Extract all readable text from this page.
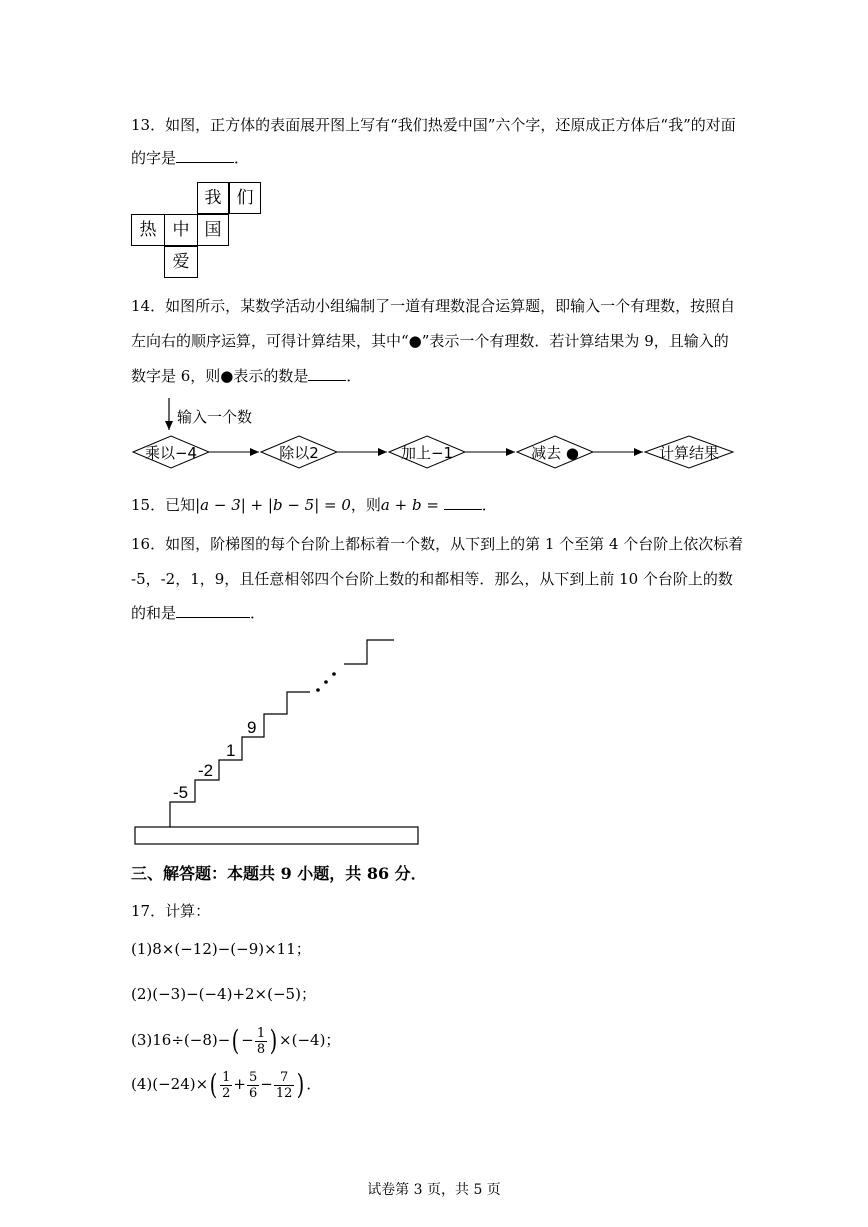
13．如图，正方体的表面展开图上写有“我们热爱中国”六个字，还原成正方体后“我”的对面
的字是	．
我 们
热 中 国
爱
14．如图所示，某数学活动小组编制了一道有理数混合运算题，即输入一个有理数，按照自
左向右的顺序运算，可得计算结果，其中“●”表示一个有理数．若计算结果为 9，且输入的
数字是 6，则●表示的数是	．
输入一个数
乘以−4	除以2	加上−1	减去 ●	计算结果
15．已知|a − 3| + |b − 5| = 0，则a + b =	．
16．如图，阶梯图的每个台阶上都标着一个数，从下到上的第 1 个至第 4 个台阶上依次标着
-5，-2，1，9，且任意相邻四个台阶上数的和都相等．那么，从下到上前 10 个台阶上的数
的和是	．
-5
-2
1
9
三、解答题：本题共 9 小题，共 86 分．
17．计算：
(1)8×(−12)−(−9)×11；
(2)(−3)−(−4)+2×(−5)；
$(3)16\div(-8)-( - \frac{1}{8}$ ) ×(−4)；
$(4)(-24)\times( \frac{1}{2} + \frac{5}{6} - \frac{7}{12}$ ) ．
试卷第 3 页，共 5 页
